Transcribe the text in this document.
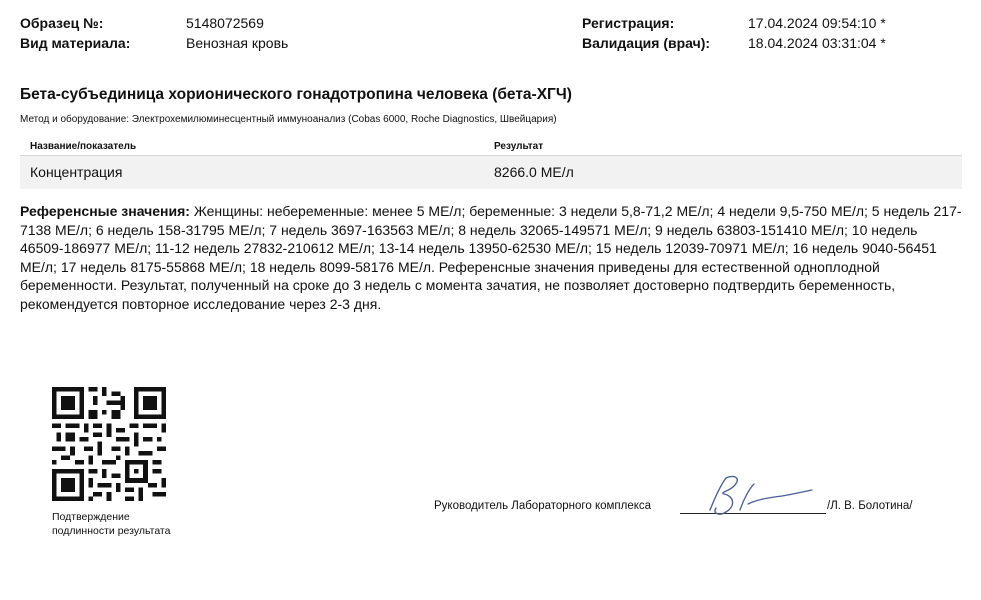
Образец №:	5148072569
Вид материала:	Венозная кровь
Регистрация:	17.04.2024 09:54:10 *
Валидация (врач):	18.04.2024 03:31:04 *
Бета-субъединица хорионического гонадотропина человека (бета-ХГЧ)
Метод и оборудование: Электрохемилюминесцентный иммуноанализ (Cobas 6000, Roche Diagnostics, Швейцария)
Название/показатель	Результат
Концентрация	8266.0 МЕ/л
Референсные значения: Женщины: небеременные: менее 5 МЕ/л; беременные: 3 недели 5,8-71,2 МЕ/л; 4 недели 9,5-750 МЕ/л; 5 недель 217-7138 МЕ/л; 6 недель 158-31795 МЕ/л; 7 недель 3697-163563 МЕ/л; 8 недель 32065-149571 МЕ/л; 9 недель 63803-151410 МЕ/л; 10 недель 46509-186977 МЕ/л; 11-12 недель 27832-210612 МЕ/л; 13-14 недель 13950-62530 МЕ/л; 15 недель 12039-70971 МЕ/л; 16 недель 9040-56451 МЕ/л; 17 недель 8175-55868 МЕ/л; 18 недель 8099-58176 МЕ/л. Референсные значения приведены для естественной одноплодной беременности. Результат, полученный на сроке до 3 недель с момента зачатия, не позволяет достоверно подтвердить беременность, рекомендуется повторное исследование через 2-3 дня.
Подтверждение
подлинности результата
Руководитель Лабораторного комплекса	/Л. В. Болотина/
